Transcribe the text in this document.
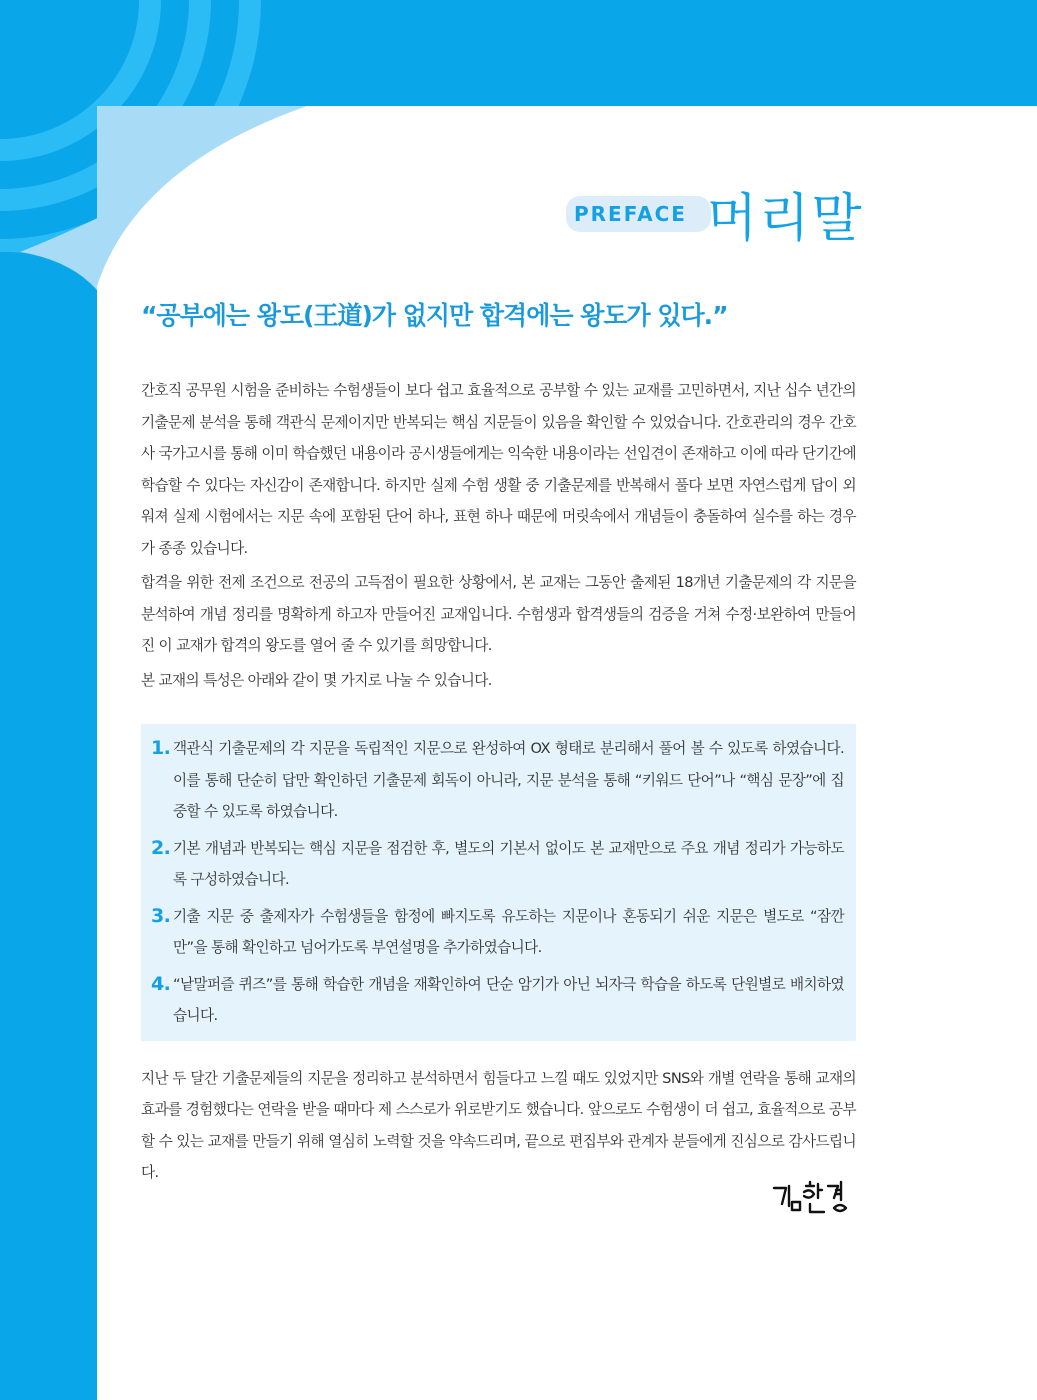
PREFACE 머리말

“공부에는 왕도(王道)가 없지만 합격에는 왕도가 있다.”

간호직 공무원 시험을 준비하는 수험생들이 보다 쉽고 효율적으로 공부할 수 있는 교재를 고민하면서, 지난 십수 년간의 기출문제 분석을 통해 객관식 문제이지만 반복되는 핵심 지문들이 있음을 확인할 수 있었습니다. 간호관리의 경우 간호사 국가고시를 통해 이미 학습했던 내용이라 공시생들에게는 익숙한 내용이라는 선입견이 존재하고 이에 따라 단기간에 학습할 수 있다는 자신감이 존재합니다. 하지만 실제 수험 생활 중 기출문제를 반복해서 풀다 보면 자연스럽게 답이 외워져 실제 시험에서는 지문 속에 포함된 단어 하나, 표현 하나 때문에 머릿속에서 개념들이 충돌하여 실수를 하는 경우가 종종 있습니다.

합격을 위한 전제 조건으로 전공의 고득점이 필요한 상황에서, 본 교재는 그동안 출제된 18개년 기출문제의 각 지문을 분석하여 개념 정리를 명확하게 하고자 만들어진 교재입니다. 수험생과 합격생들의 검증을 거쳐 수정·보완하여 만들어진 이 교재가 합격의 왕도를 열어 줄 수 있기를 희망합니다.

본 교재의 특성은 아래와 같이 몇 가지로 나눌 수 있습니다.

1. 객관식 기출문제의 각 지문을 독립적인 지문으로 완성하여 OX 형태로 분리해서 풀어 볼 수 있도록 하였습니다. 이를 통해 단순히 답만 확인하던 기출문제 회독이 아니라, 지문 분석을 통해 “키워드 단어”나 “핵심 문장”에 집중할 수 있도록 하였습니다.
2. 기본 개념과 반복되는 핵심 지문을 점검한 후, 별도의 기본서 없이도 본 교재만으로 주요 개념 정리가 가능하도록 구성하였습니다.
3. 기출 지문 중 출제자가 수험생들을 함정에 빠지도록 유도하는 지문이나 혼동되기 쉬운 지문은 별도로 “잠깐만”을 통해 확인하고 넘어가도록 부연설명을 추가하였습니다.
4. “낱말퍼즐 퀴즈”를 통해 학습한 개념을 재확인하여 단순 암기가 아닌 뇌자극 학습을 하도록 단원별로 배치하였습니다.

지난 두 달간 기출문제들의 지문을 정리하고 분석하면서 힘들다고 느낄 때도 있었지만 SNS와 개별 연락을 통해 교재의 효과를 경험했다는 연락을 받을 때마다 제 스스로가 위로받기도 했습니다. 앞으로도 수험생이 더 쉽고, 효율적으로 공부할 수 있는 교재를 만들기 위해 열심히 노력할 것을 약속드리며, 끝으로 편집부와 관계자 분들에게 진심으로 감사드립니다.
